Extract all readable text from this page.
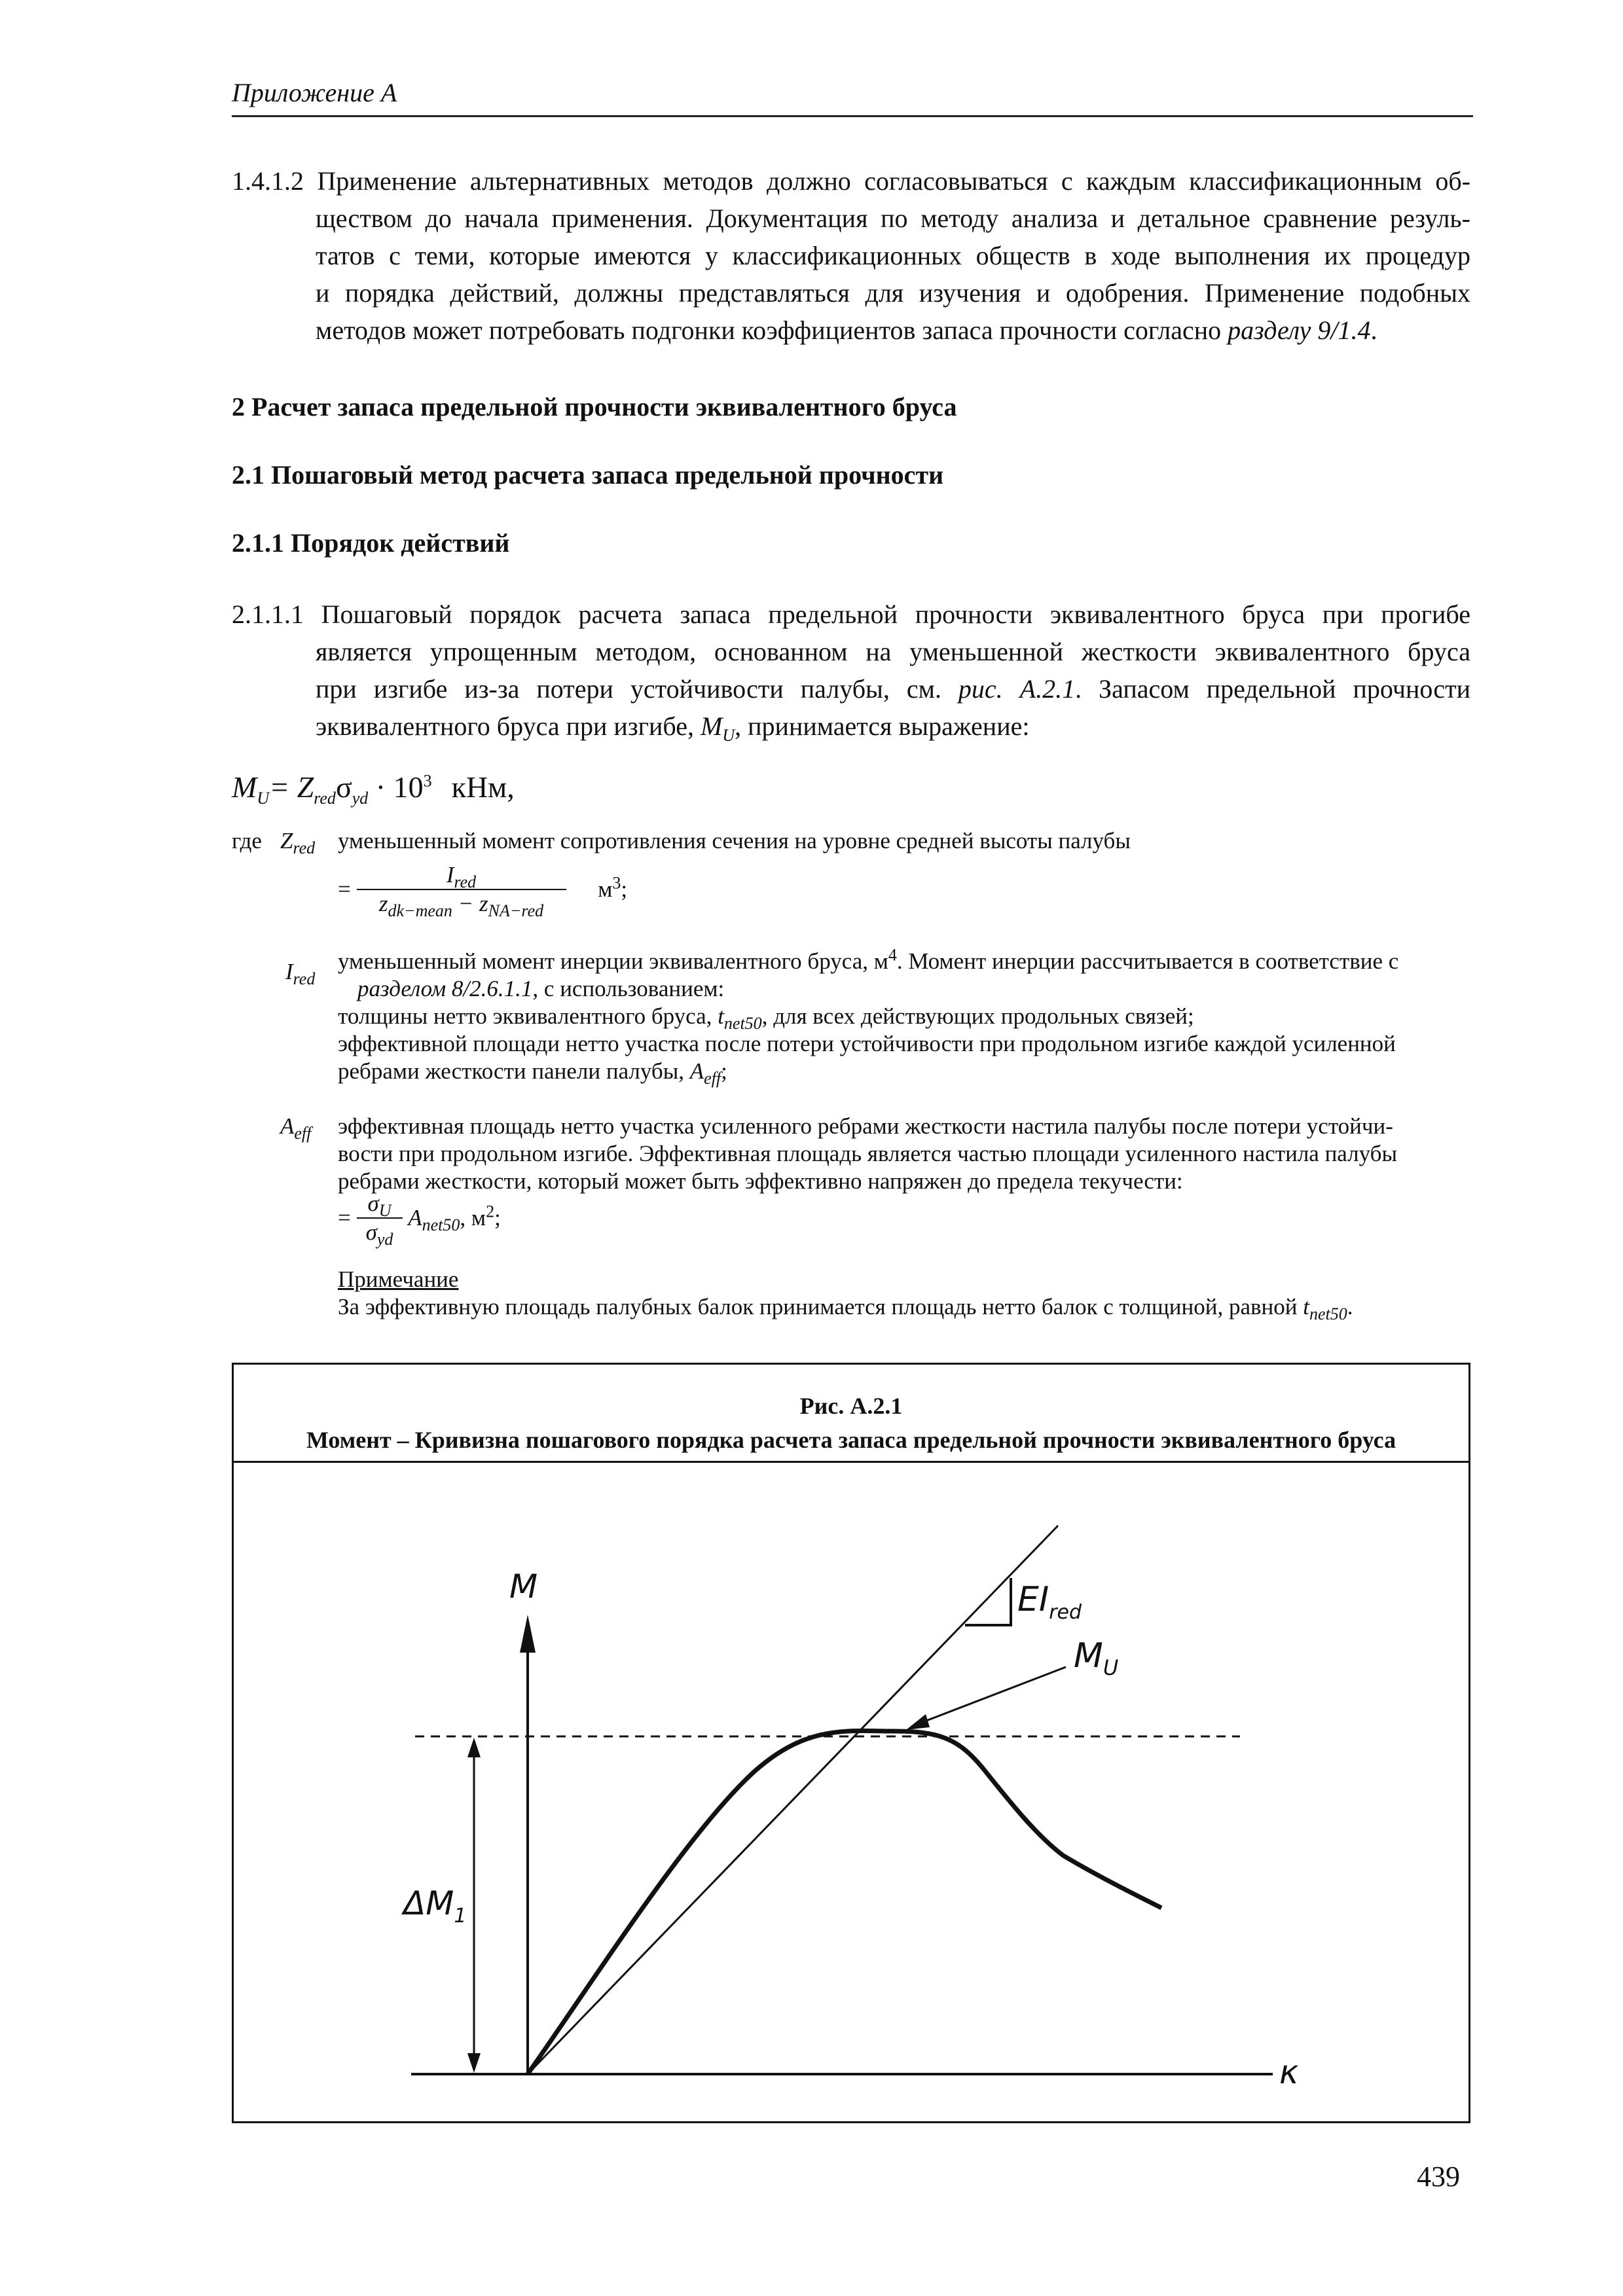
Приложение A
1.4.1.2 Применение альтернативных методов должно согласовываться с каждым классификационным об-
ществом до начала применения. Документация по методу анализа и детальное сравнение резуль-
татов с теми, которые имеются у классификационных обществ в ходе выполнения их процедур
и порядка действий, должны представляться для изучения и одобрения. Применение подобных
методов может потребовать подгонки коэффициентов запаса прочности согласно разделу 9/1.4.
2 Расчет запаса предельной прочности эквивалентного бруса
2.1 Пошаговый метод расчета запаса предельной прочности
2.1.1 Порядок действий
2.1.1.1 Пошаговый порядок расчета запаса предельной прочности эквивалентного бруса при прогибе
является упрощенным методом, основанном на уменьшенной жесткости эквивалентного бруса
при изгибе из-за потери устойчивости палубы, см. рис. A.2.1. Запасом предельной прочности
эквивалентного бруса при изгибе, $M_U$, принимается выражение:
$M_U= Z_{red}\sigma_{yd} \cdot 10^3$ кНм,
где $Z_{red}$ уменьшенный момент сопротивления сечения на уровне средней высоты палубы
= $\frac{I_{red}}{z_{dk-mean} - z_{NA-red}} м^3$;
$I_{red}$
уменьшенный момент инерции эквивалентного бруса, $м^4$. Момент инерции рассчитывается в соответствие с
разделом 8/2.6.1.1, с использованием:
толщины нетто эквивалентного бруса, $t_{net50}$, для всех действующих продольных связей;
эффективной площади нетто участка после потери устойчивости при продольном изгибе каждой усиленной
ребрами жесткости панели палубы, $A_{eff}$;
$A_{eff}$ эффективная площадь нетто участка усиленного ребрами жесткости настила палубы после потери устойчи-
вости при продольном изгибе. Эффективная площадь является частью площади усиленного настила палубы
ребрами жесткости, который может быть эффективно напряжен до предела текучести:
= $\frac{\sigma_U}{\sigma_{yd}} A_{net50}$, $м^2$;
Примечание
За эффективную площадь палубных балок принимается площадь нетто балок с толщиной, равной $t_{net50}$.
Рис. A.2.1
Момент – Кривизна пошагового порядка расчета запаса предельной прочности эквивалентного бруса
M	$EI_{red}$
$M_U$
$\Delta M_1$
κ
439
